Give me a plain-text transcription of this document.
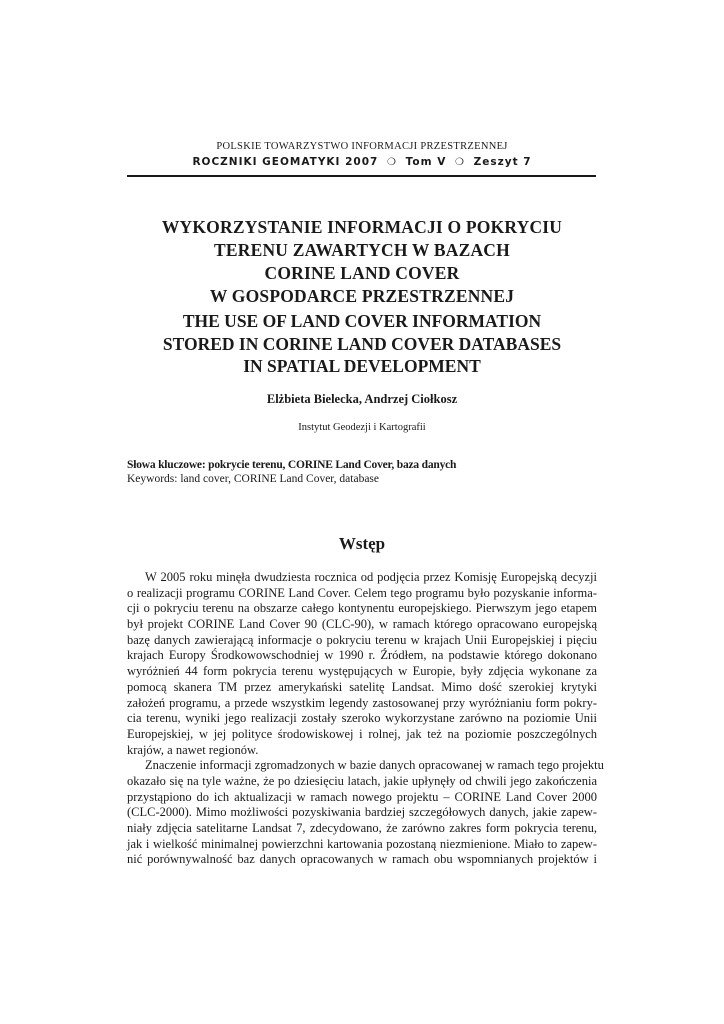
POLSKIE TOWARZYSTWO INFORMACJI PRZESTRZENNEJ
ROCZNIKI GEOMATYKI 2007 ❍ Tom V ❍ Zeszyt 7
WYKORZYSTANIE INFORMACJI O POKRYCIU
TERENU ZAWARTYCH W BAZACH
CORINE LAND COVER
W GOSPODARCE PRZESTRZENNEJ
THE USE OF LAND COVER INFORMATION
STORED IN CORINE LAND COVER DATABASES
IN SPATIAL DEVELOPMENT
Elżbieta Bielecka, Andrzej Ciołkosz
Instytut Geodezji i Kartografii
Słowa kluczowe: pokrycie terenu, CORINE Land Cover, baza danych
Keywords: land cover, CORINE Land Cover, database
Wstęp
W 2005 roku minęła dwudziesta rocznica od podjęcia przez Komisję Europejską decyzji
o realizacji programu CORINE Land Cover. Celem tego programu było pozyskanie informa-
cji o pokryciu terenu na obszarze całego kontynentu europejskiego. Pierwszym jego etapem
był projekt CORINE Land Cover 90 (CLC-90), w ramach którego opracowano europejską
bazę danych zawierającą informacje o pokryciu terenu w krajach Unii Europejskiej i pięciu
krajach Europy Środkowowschodniej w 1990 r. Źródłem, na podstawie którego dokonano
wyróżnień 44 form pokrycia terenu występujących w Europie, były zdjęcia wykonane za
pomocą skanera TM przez amerykański satelitę Landsat. Mimo dość szerokiej krytyki
założeń programu, a przede wszystkim legendy zastosowanej przy wyróżnianiu form pokry-
cia terenu, wyniki jego realizacji zostały szeroko wykorzystane zarówno na poziomie Unii
Europejskiej, w jej polityce środowiskowej i rolnej, jak też na poziomie poszczególnych
krajów, a nawet regionów.
Znaczenie informacji zgromadzonych w bazie danych opracowanej w ramach tego projektu
okazało się na tyle ważne, że po dziesięciu latach, jakie upłynęły od chwili jego zakończenia
przystąpiono do ich aktualizacji w ramach nowego projektu – CORINE Land Cover 2000
(CLC-2000). Mimo możliwości pozyskiwania bardziej szczegółowych danych, jakie zapew-
niały zdjęcia satelitarne Landsat 7, zdecydowano, że zarówno zakres form pokrycia terenu,
jak i wielkość minimalnej powierzchni kartowania pozostaną niezmienione. Miało to zapew-
nić porównywalność baz danych opracowanych w ramach obu wspomnianych projektów i
